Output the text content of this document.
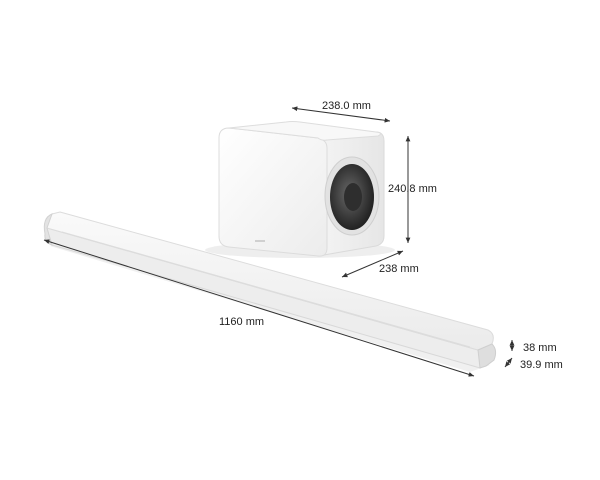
238.0 mm
240.8 mm
238 mm
1160 mm
38 mm
39.9 mm
